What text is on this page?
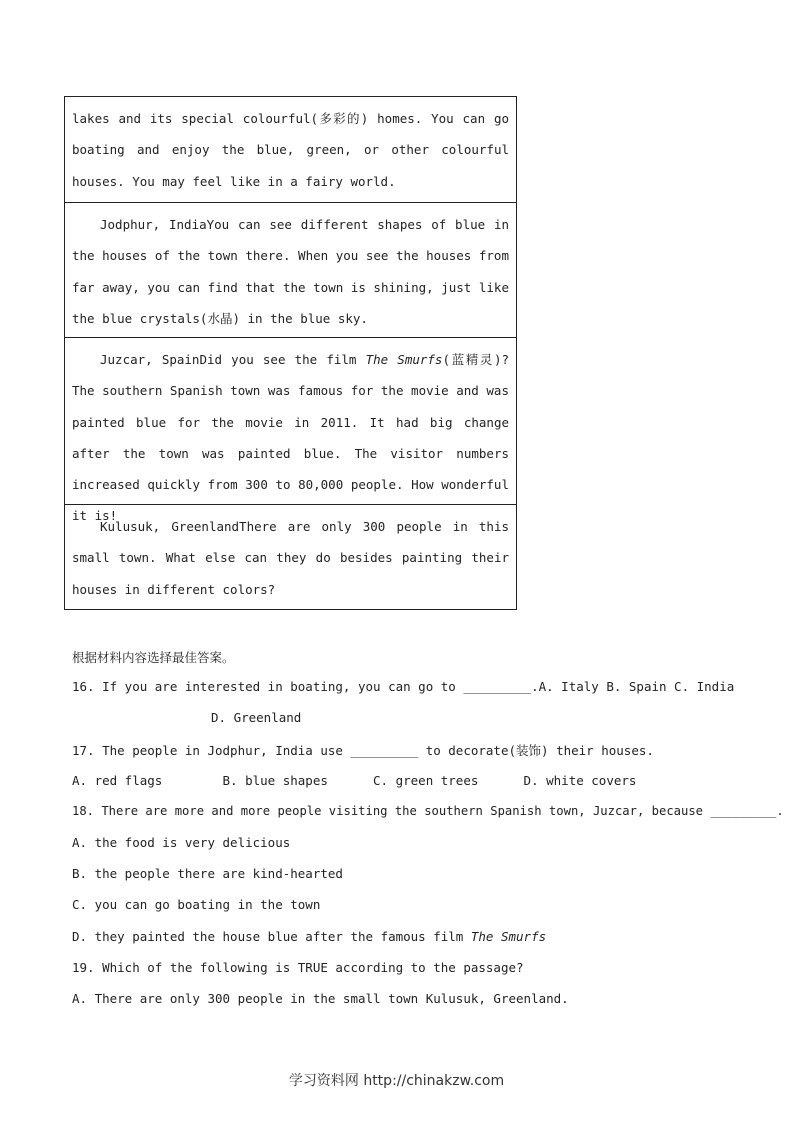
lakes and its special colourful(多彩的) homes. You can go boating and enjoy the blue, green, or other colourful houses. You may feel like in a fairy world.
Jodphur, IndiaYou can see different shapes of blue in the houses of the town there. When you see the houses from far away, you can find that the town is shining, just like the blue crystals(水晶) in the blue sky.
Juzcar, SpainDid you see the film The Smurfs(蓝精灵)? The southern Spanish town was famous for the movie and was painted blue for the movie in 2011. It had big change after the town was painted blue. The visitor numbers increased quickly from 300 to 80,000 people. How wonderful it is!
Kulusuk, GreenlandThere are only 300 people in this small town. What else can they do besides painting their houses in different colors?
根据材料内容选择最佳答案。
16. If you are interested in boating, you can go to _________.A. Italy B. Spain C. India
D. Greenland
17. The people in Jodphur, India use _________ to decorate(装饰) their houses.
A. red flags        B. blue shapes      C. green trees      D. white covers
18. There are more and more people visiting the southern Spanish town, Juzcar, because _________.
A. the food is very delicious
B. the people there are kind-hearted
C. you can go boating in the town
D. they painted the house blue after the famous film The Smurfs
19. Which of the following is TRUE according to the passage?
A. There are only 300 people in the small town Kulusuk, Greenland.
学习资料网 http://chinakzw.com
